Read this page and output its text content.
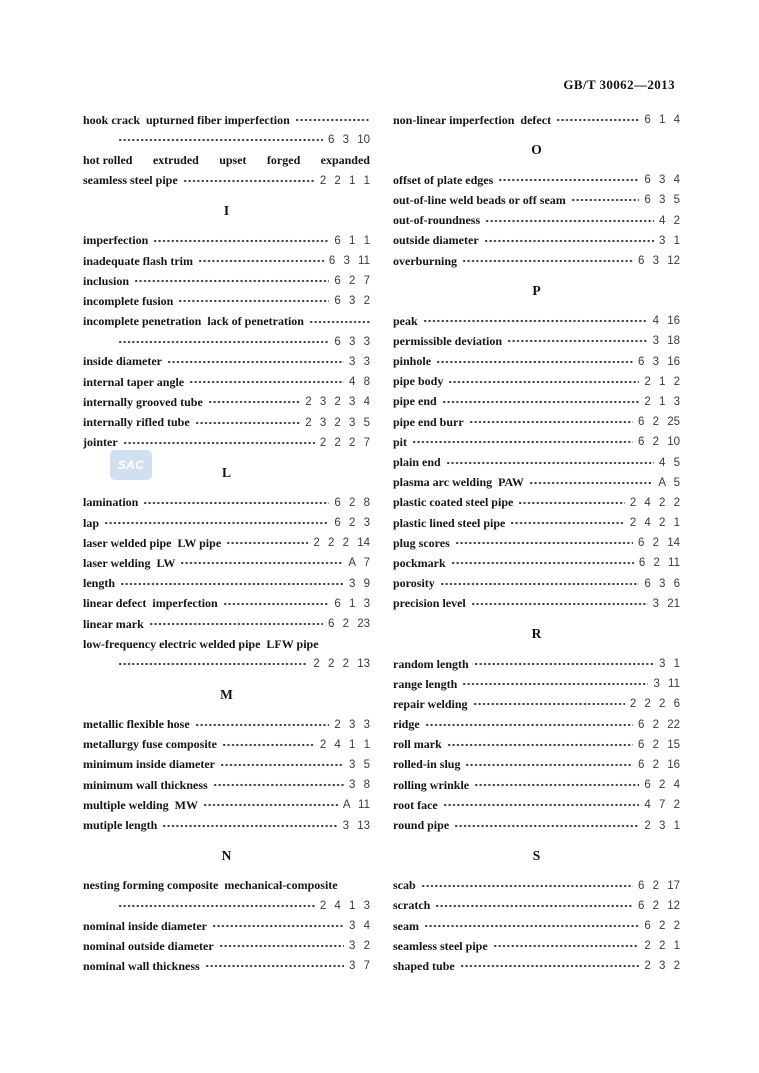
GB/T 30062—2013
SAC
hook crack  upturned fiber imperfection
6 3 10
hot rolled extruded upset forged expanded
seamless steel pipe	2 2 1 1
I
imperfection	6 1 1
inadequate flash trim	6 3 11
inclusion	6 2 7
incomplete fusion	6 3 2
incomplete penetration  lack of penetration
6 3 3
inside diameter	3 3
internal taper angle	4 8
internally grooved tube	2 3 2 3 4
internally rifled tube	2 3 2 3 5
jointer	2 2 2 7
L
lamination	6 2 8
lap	6 2 3
laser welded pipe  LW pipe	2 2 2 14
laser welding  LW	A 7
length	3 9
linear defect  imperfection	6 1 3
linear mark	6 2 23
low-frequency electric welded pipe  LFW pipe
2 2 2 13
M
metallic flexible hose	2 3 3
metallurgy fuse composite	2 4 1 1
minimum inside diameter	3 5
minimum wall thickness	3 8
multiple welding  MW	A 11
mutiple length	3 13
N
nesting forming composite  mechanical-composite
2 4 1 3
nominal inside diameter	3 4
nominal outside diameter	3 2
nominal wall thickness	3 7
non-linear imperfection  defect	6 1 4
O
offset of plate edges	6 3 4
out-of-line weld beads or off seam	6 3 5
out-of-roundness	4 2
outside diameter	3 1
overburning	6 3 12
P
peak	4 16
permissible deviation	3 18
pinhole	6 3 16
pipe body	2 1 2
pipe end	2 1 3
pipe end burr	6 2 25
pit	6 2 10
plain end	4 5
plasma arc welding  PAW	A 5
plastic coated steel pipe	2 4 2 2
plastic lined steel pipe	2 4 2 1
plug scores	6 2 14
pockmark	6 2 11
porosity	6 3 6
precision level	3 21
R
random length	3 1
range length	3 11
repair welding	2 2 2 6
ridge	6 2 22
roll mark	6 2 15
rolled-in slug	6 2 16
rolling wrinkle	6 2 4
root face	4 7 2
round pipe	2 3 1
S
scab	6 2 17
scratch	6 2 12
seam	6 2 2
seamless steel pipe	2 2 1
shaped tube	2 3 2
